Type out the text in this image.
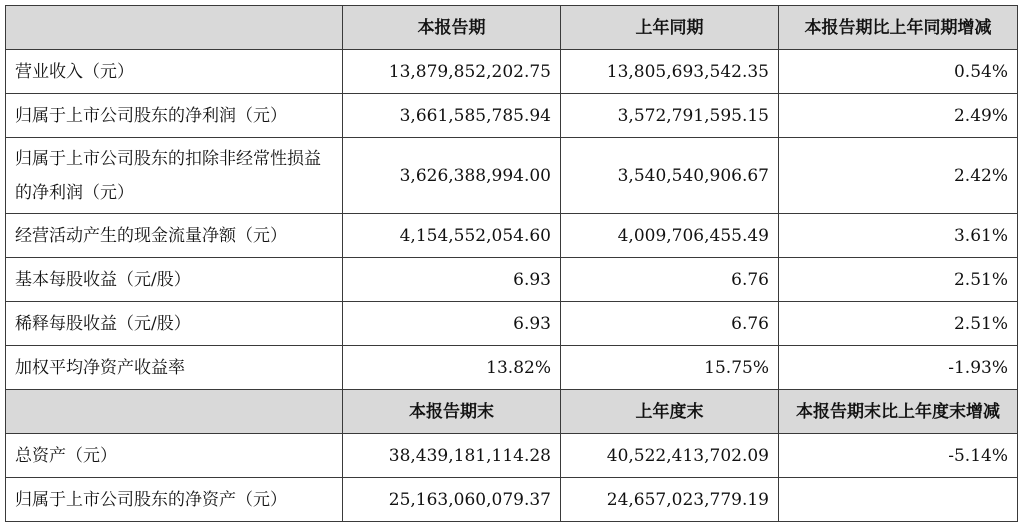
	本报告期	上年同期	本报告期比上年同期增减
营业收入（元）	13,879,852,202.75	13,805,693,542.35	0.54%
归属于上市公司股东的净利润（元）	3,661,585,785.94	3,572,791,595.15	2.49%
归属于上市公司股东的扣除非经常性损益的净利润（元）	3,626,388,994.00	3,540,540,906.67	2.42%
经营活动产生的现金流量净额（元）	4,154,552,054.60	4,009,706,455.49	3.61%
基本每股收益（元/股）	6.93	6.76	2.51%
稀释每股收益（元/股）	6.93	6.76	2.51%
加权平均净资产收益率	13.82%	15.75%	-1.93%
	本报告期末	上年度末	本报告期末比上年度末增减
总资产（元）	38,439,181,114.28	40,522,413,702.09	-5.14%
归属于上市公司股东的净资产（元）	25,163,060,079.37	24,657,023,779.19	
